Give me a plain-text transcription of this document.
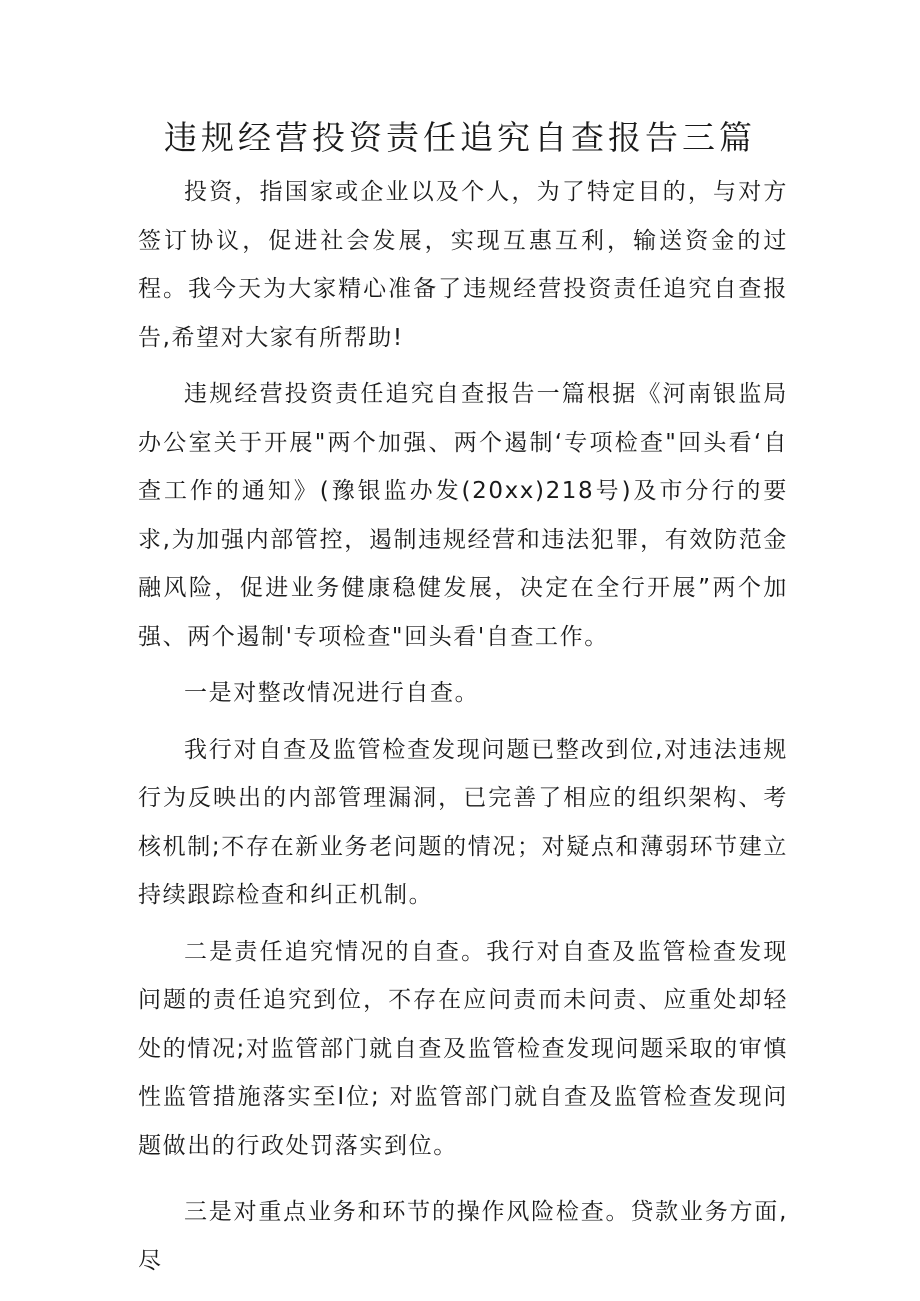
违规经营投资责任追究自查报告三篇

投资，指国家或企业以及个人，为了特定目的，与对方签订协议，促进社会发展，实现互惠互利，输送资金的过程。我今天为大家精心准备了违规经营投资责任追究自查报告,希望对大家有所帮助!

违规经营投资责任追究自查报告一篇根据《河南银监局办公室关于开展"两个加强、两个遏制‘专项检查"回头看‘自查工作的通知》(豫银监办发(20xx)218号)及市分行的要求,为加强内部管控，遏制违规经营和违法犯罪，有效防范金融风险，促进业务健康稳健发展，决定在全行开展”两个加强、两个遏制'专项检查"回头看'自查工作。

一是对整改情况进行自查。

我行对自查及监管检查发现问题已整改到位,对违法违规行为反映出的内部管理漏洞，已完善了相应的组织架构、考核机制;不存在新业务老问题的情况；对疑点和薄弱环节建立持续跟踪检查和纠正机制。

二是责任追究情况的自查。我行对自查及监管检查发现问题的责任追究到位，不存在应问责而未问责、应重处却轻处的情况;对监管部门就自查及监管检查发现问题采取的审慎性监管措施落实至I位; 对监管部门就自查及监管检查发现问题做出的行政处罚落实到位。

三是对重点业务和环节的操作风险检查。贷款业务方面,尽
